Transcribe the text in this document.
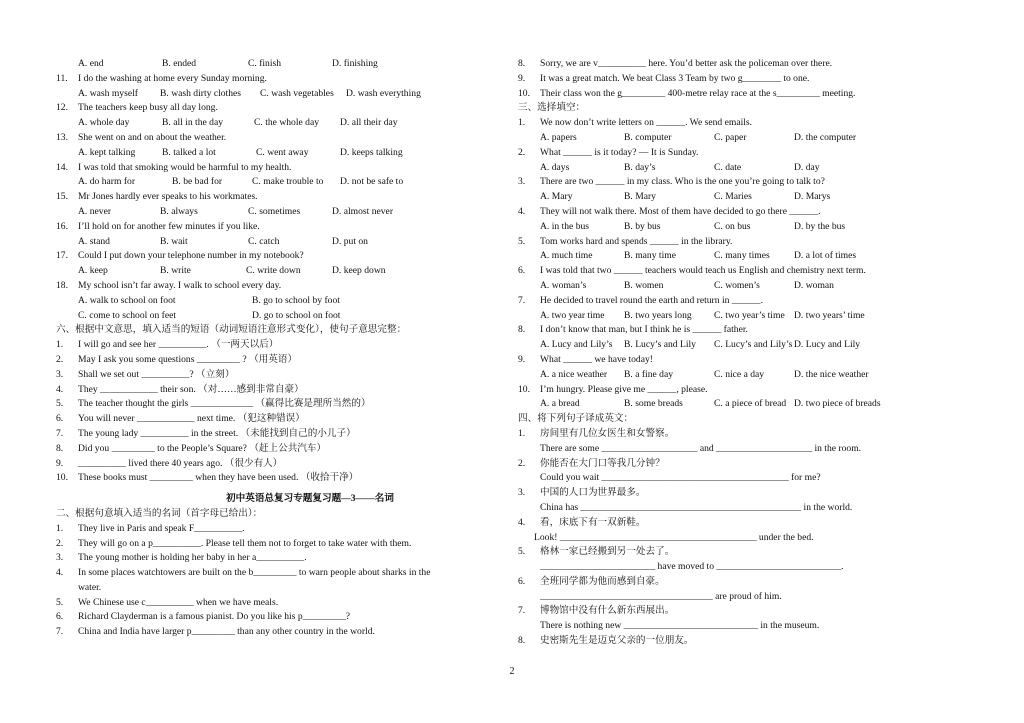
A. end	B. ended	C. finish	D. finishing
11. I do the washing at home every Sunday morning.
A. wash myself B. wash dirty clothes C. wash vegetables D. wash everything
12. The teachers keep busy all day long.
A. whole day	B. all in the day	C. the whole day D. all their day
13. She went on and on about the weather.
A. kept talking	B. talked a lot	C. went away	D. keeps talking
14. I was told that smoking would be harmful to my health.
A. do harm for	B. be bad for	C. make trouble to D. not be safe to
15. Mr Jones hardly ever speaks to his workmates.
A. never	B. always	C. sometimes	D. almost never
16. I’ll hold on for another few minutes if you like.
A. stand	B. wait	C. catch	D. put on
17. Could I put down your telephone number in my notebook?
A. keep	B. write	C. write down	D. keep down
18. My school isn’t far away. I walk to school every day.
A. walk to school on foot	B. go to school by foot
C. come to school on feet	D. go to school on foot
六、根据中文意思，填入适当的短语（动词短语注意形式变化），使句子意思完整：
1. I will go and see her __________. （一两天以后）
2. May I ask you some questions _________ ? （用英语）
3. Shall we set out __________? （立刻）
4. They ____________ their son. （对……感到非常自豪）
5. The teacher thought the girls _____________ （赢得比赛是理所当然的）
6. You will never ____________ next time. （犯这种错误）
7. The young lady __________ in the street. （未能找到自己的小儿子）
8. Did you _________ to the People’s Square? （赶上公共汽车）
9. __________ lived there 40 years ago. （很少有人）
10. These books must _________ when they have been used. （收拾干净）
初中英语总复习专题复习题—3——名词
二、根据句意填入适当的名词（首字母已给出）：
1. They live in Paris and speak F__________.
2. They will go on a p__________. Please tell them not to forget to take water with them.
3. The young mother is holding her baby in her a__________.
4. In some places watchtowers are built on the b_________ to warn people about sharks in the
water.
5. We Chinese use c__________ when we have meals.
6. Richard Clayderman is a famous pianist. Do you like his p_________?
7. China and India have larger p_________ than any other country in the world.
8. Sorry, we are v__________ here. You’d better ask the policeman over there.
9. It was a great match. We beat Class 3 Team by two g________ to one.
10. Their class won the g_________ 400-metre relay race at the s_________ meeting.
三、选择填空：
1. We now don’t write letters on ______. We send emails.
A. papers	B. computer	C. paper	D. the computer
2. What ______ is it today? — It is Sunday.
A. days	B. day’s	C. date	D. day
3. There are two ______ in my class. Who is the one you’re going to talk to?
A. Mary	B. Mary	C. Maries	D. Marys
4. They will not walk there. Most of them have decided to go there ______.
A. in the bus	B. by bus	C. on bus	D. by the bus
5. Tom works hard and spends ______ in the library.
A. much time	B. many time	C. many times	D. a lot of times
6. I was told that two ______ teachers would teach us English and chemistry next term.
A. woman’s	B. women	C. women’s	D. woman
7. He decided to travel round the earth and return in ______.
A. two year time B. two years long C. two year’s time D. two years’ time
8. I don’t know that man, but I think he is ______ father.
A. Lucy and Lily’s B. Lucy’s and Lily C. Lucy’s and Lily’s D. Lucy and Lily
9. What ______ we have today!
A. a nice weather B. a fine day	C. nice a day	D. the nice weather
10. I’m hungry. Please give me ______, please.
A. a bread	B. some breads	C. a piece of bread D. two piece of breads
四、将下列句子译成英文：
1. 房间里有几位女医生和女警察。
There are some ____________________ and ____________________ in the room.
2. 你能否在大门口等我几分钟？
Could you wait _______________________________________ for me?
3. 中国的人口为世界最多。
China has ______________________________________________ in the world.
4. 看，床底下有一双新鞋。
Look! _________________________________________ under the bed.
5. 格林一家已经搬到另一处去了。
________________________ have moved to __________________________.
6. 全班同学都为他而感到自豪。
____________________________________ are proud of him.
7. 博物馆中没有什么新东西展出。
There is nothing new ____________________________ in the museum.
8. 史密斯先生是迈克父亲的一位朋友。
2
